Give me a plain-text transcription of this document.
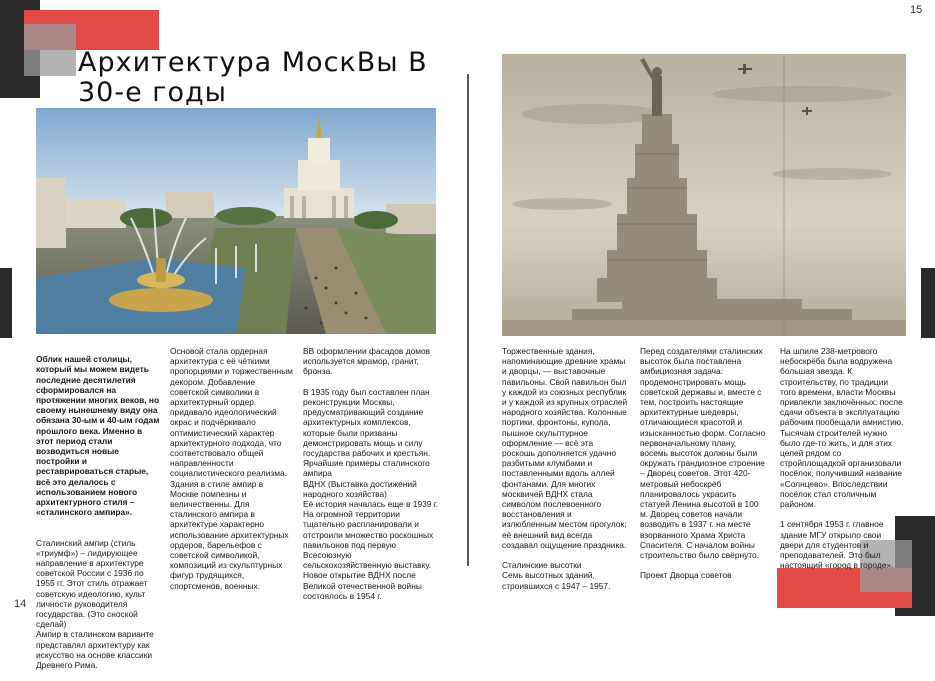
14
15
Архитектура МоскВы В
30-е годы

Облик нашей столицы, который мы можем видеть последние десятилетия сформировался на протяжении многих веков, но своему нынешнему виду она обязана 30-ым и 40-ым годам прошлого века. Именно в этот период стали возводиться новые постройки и реставрироваться старые, всё это делалось с использованием нового архитектурного стиля – «сталинского ампира».

Сталинский ампир (стиль «триумф») – лидирующее направление в архитектуре советской России с 1936 по 1955 гг. Этот стиль отражает советскую идеологию, культ личности руководителя государства. (Это сноской сделай)
Ампир в сталинском варианте представлял архитектуру как искусство на основе классики Древнего Рима.

Основой стала ордерная архитектура с её чёткими пропорциями и торжественным декором. Добавление советской символики в архитектурный ордер придавало идеологический окрас и подчёркивало оптимистический характер архитектурного подхода, что соответствовало общей направленности социалистического реализма.
Здания в стиле ампир в Москве помпезны и величественны. Для сталинского ампира в архитектуре характерно использование архитектурных ордеров, барельефов с советской символикой, композиций из скульптурных фигур трудящихся, спортсменов, военных.
ВВ оформлении фасадов домов используется мрамор, гранит, бронза.

В 1935 году был составлен план реконструкции Москвы, предусматривающий создание архитектурных комплексов, которые были призваны демонстрировать мощь и силу государства рабочих и крестьян.
Ярчайшие примеры сталинского ампира
ВДНХ (Выставка достижений народного хозяйства)
Её история началась еще в 1939 г. На огромной территории тщательно распланировали и отстроили множество роскошных павильонов под первую Всесоюзную сельскохозяйственную выставку. Новое открытие ВДНХ после Великой отечественной войны состоялось в 1954 г.
Торжественные здания, напоминающие древние храмы и дворцы, — выставочные павильоны. Свой павильон был у каждой из союзных республик и у каждой из крупных отраслей народного хозяйства. Колонные портики, фронтоны, купола, пышное скульптурное оформление — всё эта роскошь дополняется удачно разбитыми клумбами и поставленными вдоль аллей фонтанами. Для многих москвичей ВДНХ стала символом послевоенного восстановления и излюбленным местом прогулок; её внешний вид всегда создавал ощущение праздника.

Сталинские высотки
Семь высотных зданий, строившихся с 1947 – 1957.
Перед создателями сталинских высоток была поставлена амбициозная задача: продемонстрировать мощь советской державы и, вместе с тем, построить настоящие архитектурные шедевры, отличающиеся красотой и изысканностью форм. Согласно первоначальному плану, восемь высоток должны были окружать грандиозное строение – Дворец советов. Этот 420-метровый небоскрёб планировалось украсить статуей Ленина высотой в 100 м. Дворец советов начали возводить в 1937 г. на месте взорванного Храма Христа Спасителя. С началом войны строительство было свёрнуто.

Проект Дворца советов
На шпиле 238-метрового небоскрёба была водружена большая звезда. К строительству, по традиции того времени, власти Москвы привлекли заключённых: после сдачи объекта в эксплуатацию рабочим пообещали амнистию. Тысячам строителей нужно было где-то жить, и для этих целей рядом со стройплощадкой организовали посёлок, получивший название «Солнцево». Впоследствии посёлок стал столичным районом.

1 сентября 1953 г. главное здание МГУ открыло свои двери для студентов и преподавателей. Это был настоящий «город в городе».
